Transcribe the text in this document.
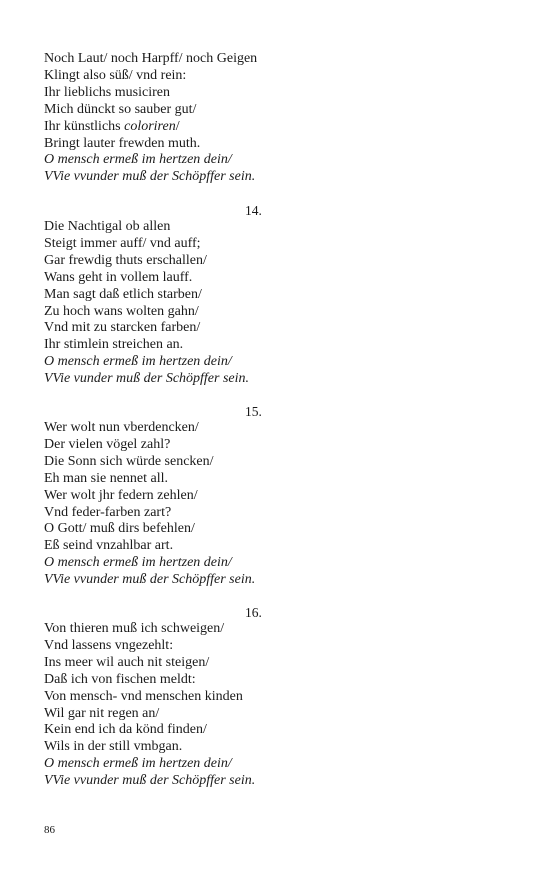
Noch Laut/ noch Harpff/ noch Geigen
Klingt also süß/ vnd rein:
Ihr lieblichs musiciren
Mich dünckt so sauber gut/
Ihr künstlichs coloriren/
Bringt lauter frewden muth.
O mensch ermeß im hertzen dein/
VVie vvunder muß der Schöpffer sein.
14.
Die Nachtigal ob allen
Steigt immer auff/ vnd auff;
Gar frewdig thuts erschallen/
Wans geht in vollem lauff.
Man sagt daß etlich starben/
Zu hoch wans wolten gahn/
Vnd mit zu starcken farben/
Ihr stimlein streichen an.
O mensch ermeß im hertzen dein/
VVie vunder muß der Schöpffer sein.
15.
Wer wolt nun vberdencken/
Der vielen vögel zahl?
Die Sonn sich würde sencken/
Eh man sie nennet all.
Wer wolt jhr federn zehlen/
Vnd feder-farben zart?
O Gott/ muß dirs befehlen/
Eß seind vnzahlbar art.
O mensch ermeß im hertzen dein/
VVie vvunder muß der Schöpffer sein.
16.
Von thieren muß ich schweigen/
Vnd lassens vngezehlt:
Ins meer wil auch nit steigen/
Daß ich von fischen meldt:
Von mensch- vnd menschen kinden
Wil gar nit regen an/
Kein end ich da könd finden/
Wils in der still vmbgan.
O mensch ermeß im hertzen dein/
VVie vvunder muß der Schöpffer sein.
86
